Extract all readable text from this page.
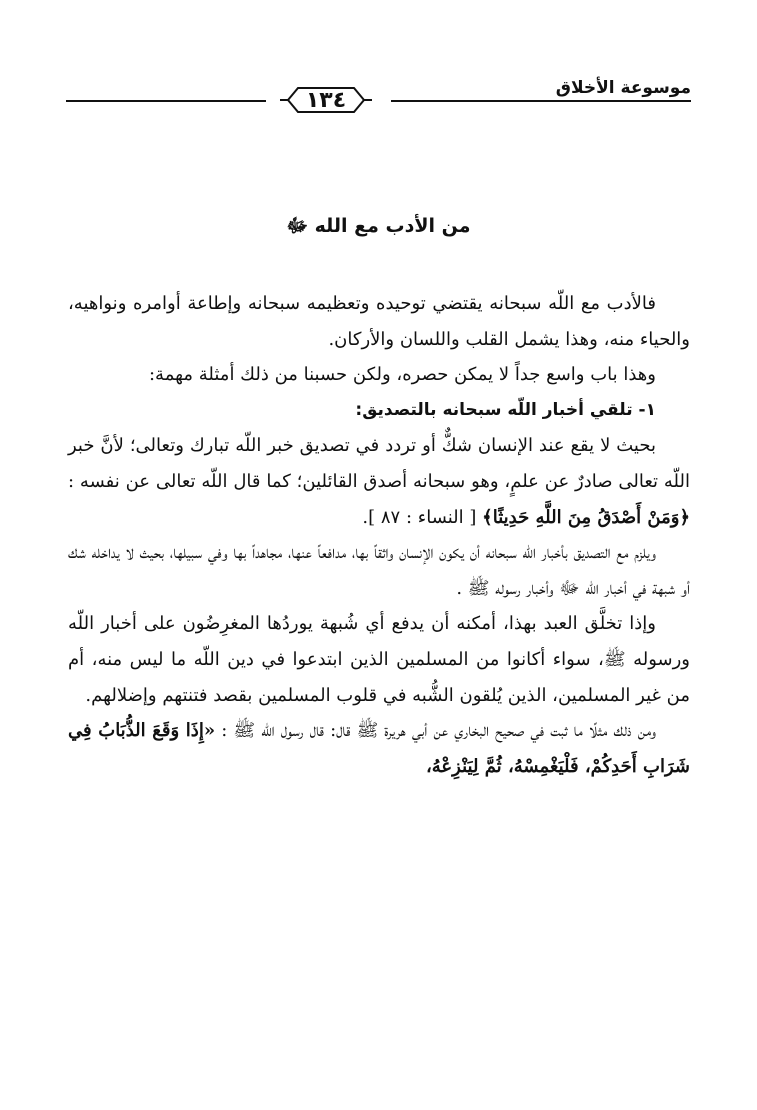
١٣٤	موسوعة الأخلاق
من الأدب مع الله ﷻ

فالأدب مع اللّه سبحانه يقتضي توحيده وتعظيمه سبحانه وإطاعة أوامره ونواهيه، والحياء منه، وهذا يشمل القلب واللسان والأركان.

وهذا باب واسع جداً لا يمكن حصره، ولكن حسبنا من ذلك أمثلة مهمة:

١- تلقي أخبار اللّه سبحانه بالتصديق:

بحيث لا يقع عند الإنسان شكٌّ أو تردد في تصديق خبر اللّه تبارك وتعالى؛ لأنَّ خبر اللّه تعالى صادرٌ عن علمٍ، وهو سبحانه أصدق القائلين؛ كما قال اللّه تعالى عن نفسه : ﴿وَمَنْ أَصْدَقُ مِنَ اللَّهِ حَدِيثًا﴾ [ النساء : ٨٧ ].

ويلزم مع التصديق بأخبار اللّه سبحانه أن يكون الإنسان واثقاً بها، مدافعاً عنها، مجاهداً بها وفي سبيلها، بحيث لا يداخله شك أو شبهة في أخبار اللّه ﷻ وأخبار رسوله ﷺ .

وإذا تخلَّق العبد بهذا، أمكنه أن يدفع أي شُبهة يوردُها المغرِضُون على أخبار اللّه ورسوله ﷺ، سواء أكانوا من المسلمين الذين ابتدعوا في دين اللّه ما ليس منه، أم من غير المسلمين، الذين يُلقون الشُّبه في قلوب المسلمين بقصد فتنتهم وإضلالهم.

ومن ذلك مثلًا ما ثبت في صحيح البخاري عن أبي هريرة ﷺ قال: قال رسول اللّه ﷺ : «إِذَا وَقَعَ الذُّبَابُ فِي شَرَابِ أَحَدِكُمْ، فَلْيَغْمِسْهُ، ثُمَّ لِيَنْزِعْهُ،
